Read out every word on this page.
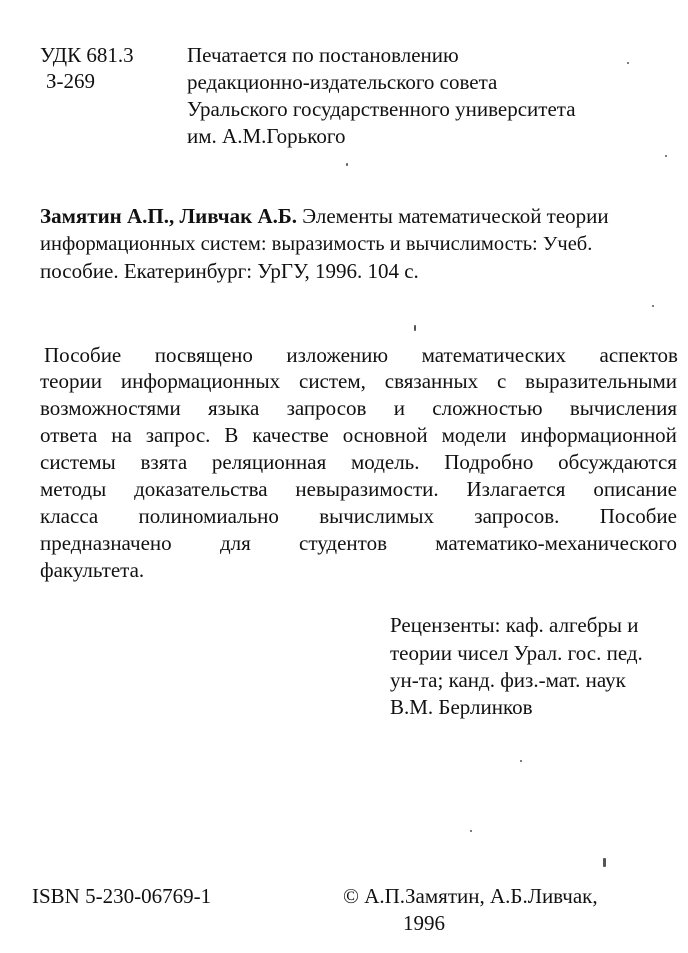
УДК 681.3
З-269
Печатается по постановлению
редакционно-издательского совета
Уральского государственного университета
им. А.М.Горького
Замятин А.П., Ливчак А.Б. Элементы математической теории
информационных систем: выразимость и вычислимость: Учеб.
пособие. Екатеринбург: УрГУ, 1996. 104 с.
Пособие посвящено изложению математических аспектов
теории информационных систем, связанных с выразительными
возможностями языка запросов и сложностью вычисления
ответа на запрос. В качестве основной модели информационной
системы взята реляционная модель. Подробно обсуждаются
методы доказательства невыразимости. Излагается описание
класса полиномиально вычислимых запросов. Пособие
предназначено для студентов математико-механического
факультета.
Рецензенты: каф. алгебры и
теории чисел Урал. гос. пед.
ун-та; канд. физ.-мат. наук
В.М. Берлинков
ISBN 5-230-06769-1	© А.П.Замятин, А.Б.Ливчак,
1996
